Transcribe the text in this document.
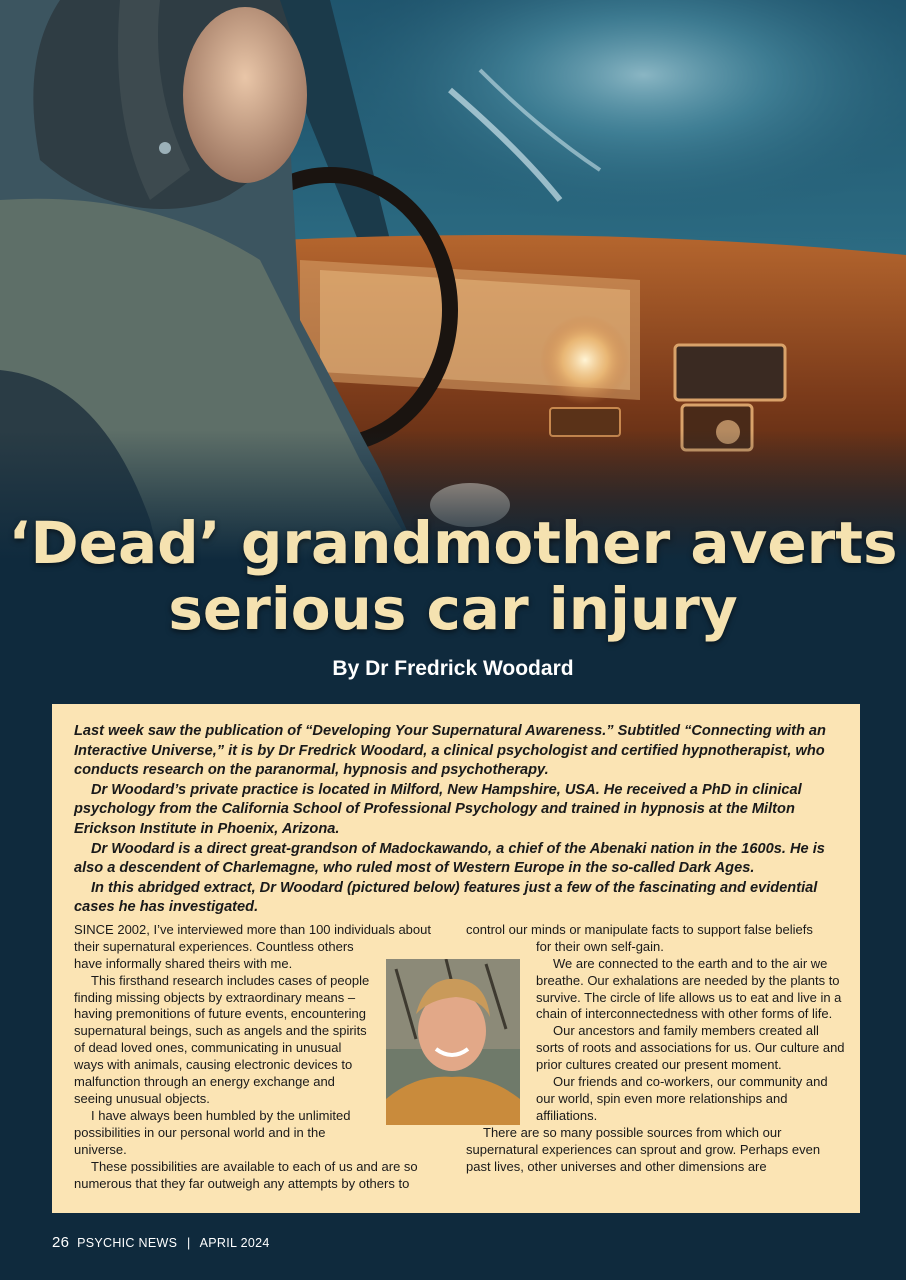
‘Dead’ grandmother averts
serious car injury
By Dr Fredrick Woodard

Last week saw the publication of “Developing Your Supernatural Awareness.” Subtitled “Connecting with an Interactive Universe,” it is by Dr Fredrick Woodard, a clinical psychologist and certified hypnotherapist, who conducts research on the paranormal, hypnosis and psychotherapy.

Dr Woodard’s private practice is located in Milford, New Hampshire, USA. He received a PhD in clinical psychology from the California School of Professional Psychology and trained in hypnosis at the Milton Erickson Institute in Phoenix, Arizona.

Dr Woodard is a direct great-grandson of Madockawando, a chief of the Abenaki nation in the 1600s. He is also a descendent of Charlemagne, who ruled most of Western Europe in the so-called Dark Ages.

In this abridged extract, Dr Woodard (pictured below) features just a few of the fascinating and evidential cases he has investigated.

SINCE 2002, I’ve interviewed more than 100 individuals about

their supernatural experiences. Countless others have informally shared theirs with me.

This firsthand research includes cases of people finding missing objects by extraordinary means – having premonitions of future events, encountering supernatural beings, such as angels and the spirits of dead loved ones, communicating in unusual ways with animals, causing electronic devices to malfunction through an energy exchange and seeing unusual objects.

I have always been humbled by the unlimited possibilities in our personal world and in the universe.

These possibilities are available to each of us and are so numerous that they far outweigh any attempts by others to

control our minds or manipulate facts to support false beliefs

for their own self-gain.

We are connected to the earth and to the air we breathe. Our exhalations are needed by the plants to survive. The circle of life allows us to eat and live in a chain of interconnectedness with other forms of life.

Our ancestors and family members created all sorts of roots and associations for us. Our culture and prior cultures created our present moment.

Our friends and co-workers, our community and our world, spin even more relationships and affiliations.

There are so many possible sources from which our supernatural experiences can sprout and grow. Perhaps even past lives, other universes and other dimensions are

26 PSYCHIC NEWS | APRIL 2024
